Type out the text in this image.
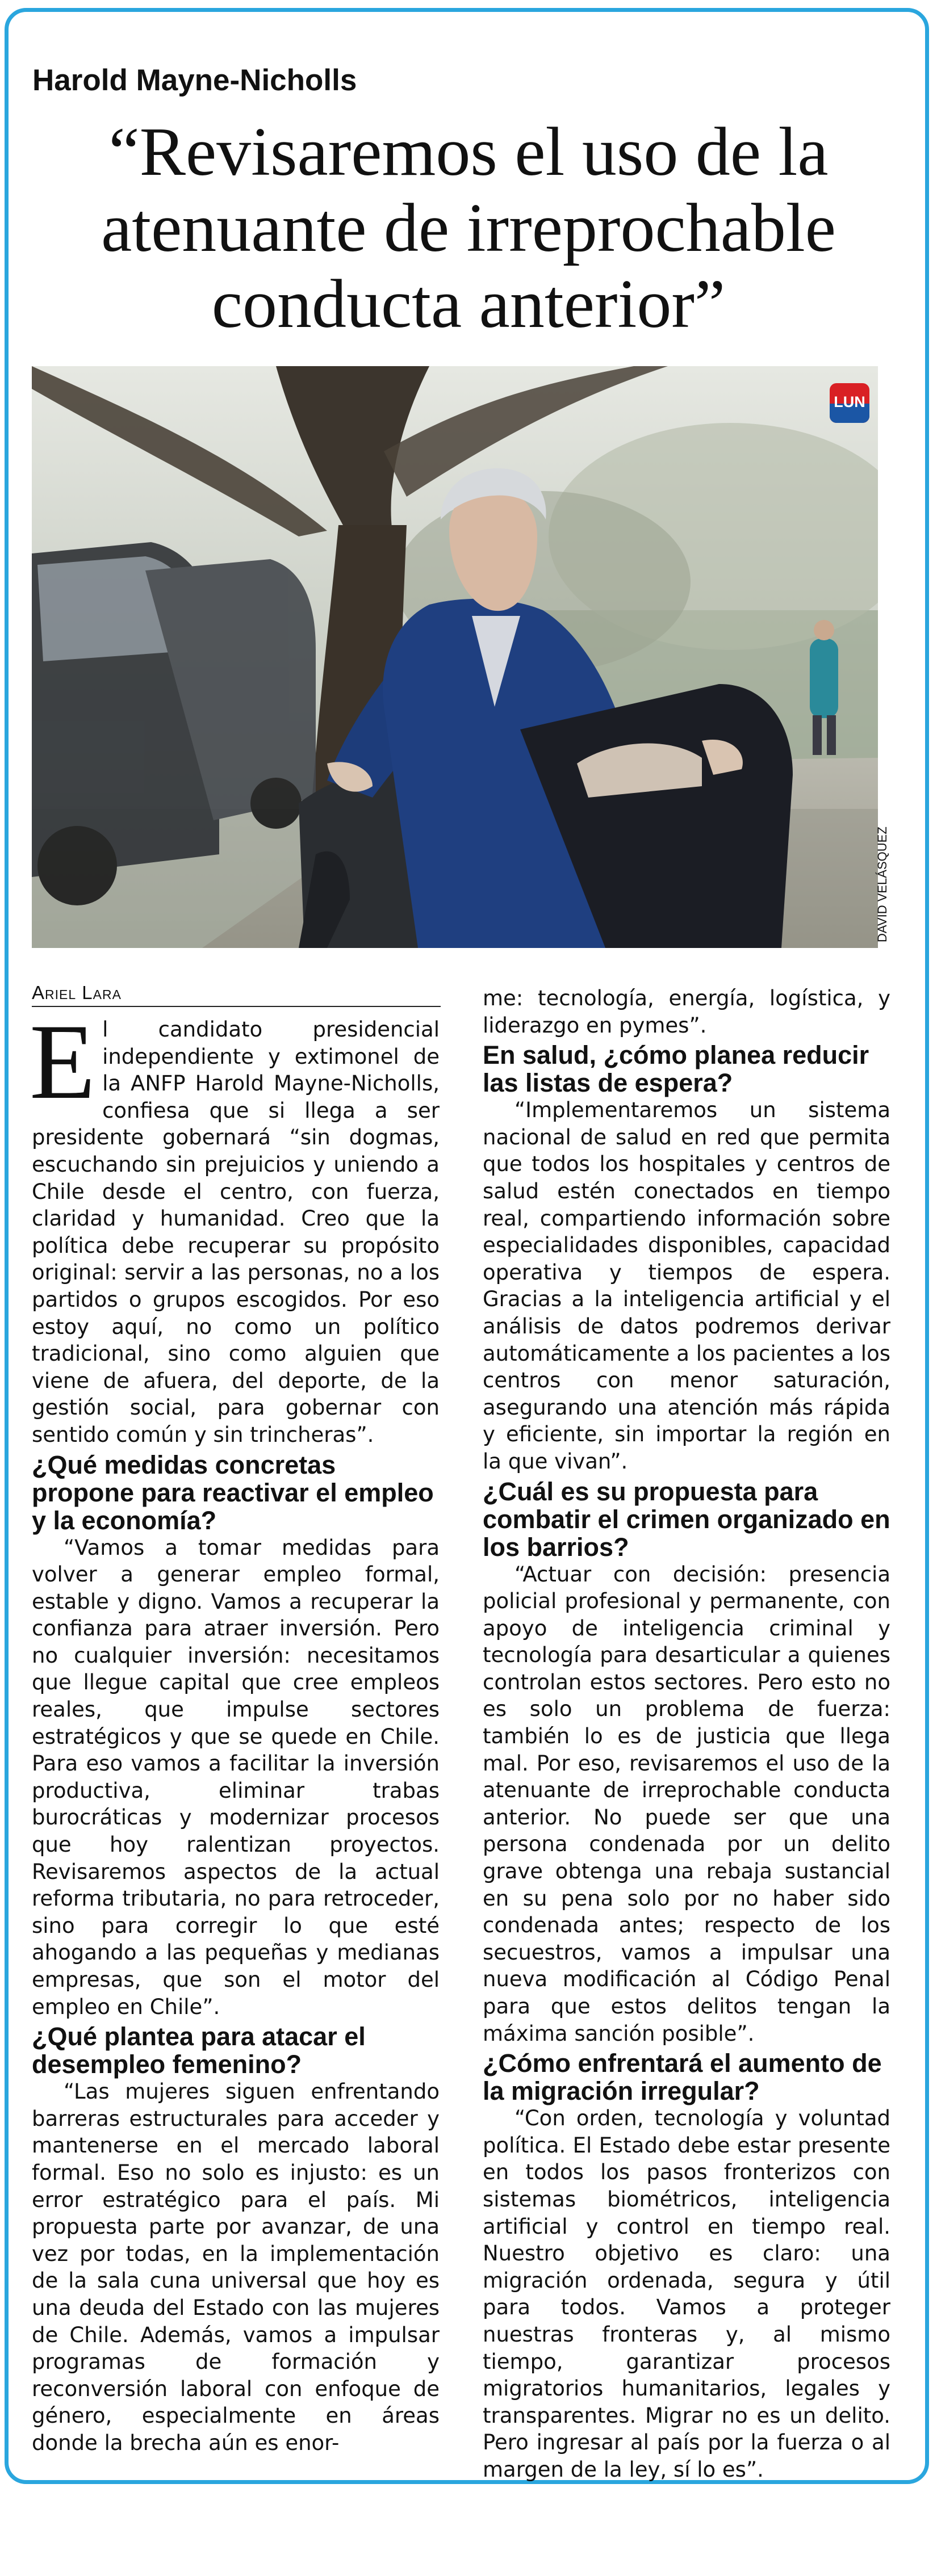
Harold Mayne-Nicholls
“Revisaremos el uso de la atenuante de irreprochable conducta anterior”
LUN
DAVID VELÁSQUEZ
Ariel Lara

El candidato presidencial independiente y extimonel de la ANFP Harold Mayne-Nicholls, confiesa que si llega a ser presidente gobernará “sin dogmas, escuchando sin prejuicios y uniendo a Chile desde el centro, con fuerza, claridad y humanidad. Creo que la política debe recuperar su propósito original: servir a las personas, no a los partidos o grupos escogidos. Por eso estoy aquí, no como un político tradicional, sino como alguien que viene de afuera, del deporte, de la gestión social, para gobernar con sentido común y sin trincheras”.

¿Qué medidas concretas propone para reactivar el empleo y la economía?

“Vamos a tomar medidas para volver a generar empleo formal, estable y digno. Vamos a recuperar la confianza para atraer inversión. Pero no cualquier inversión: necesitamos que llegue capital que cree empleos reales, que impulse sectores estratégicos y que se quede en Chile. Para eso vamos a facilitar la inversión productiva, eliminar trabas burocráticas y modernizar procesos que hoy ralentizan proyectos. Revisaremos aspectos de la actual reforma tributaria, no para retroceder, sino para corregir lo que esté ahogando a las pequeñas y medianas empresas, que son el motor del empleo en Chile”.

¿Qué plantea para atacar el desempleo femenino?

“Las mujeres siguen enfrentando barreras estructurales para acceder y mantenerse en el mercado laboral formal. Eso no solo es injusto: es un error estratégico para el país. Mi propuesta parte por avanzar, de una vez por todas, en la implementación de la sala cuna universal que hoy es una deuda del Estado con las mujeres de Chile. Además, vamos a impulsar programas de formación y reconversión laboral con enfoque de género, especialmente en áreas donde la brecha aún es enor-

me: tecnología, energía, logística, y liderazgo en pymes”.

En salud, ¿cómo planea reducir las listas de espera?

“Implementaremos un sistema nacional de salud en red que permita que todos los hospitales y centros de salud estén conectados en tiempo real, compartiendo información sobre especialidades disponibles, capacidad operativa y tiempos de espera. Gracias a la inteligencia artificial y el análisis de datos podremos derivar automáticamente a los pacientes a los centros con menor saturación, asegurando una atención más rápida y eficiente, sin importar la región en la que vivan”.

¿Cuál es su propuesta para combatir el crimen organizado en los barrios?

“Actuar con decisión: presencia policial profesional y permanente, con apoyo de inteligencia criminal y tecnología para desarticular a quienes controlan estos sectores. Pero esto no es solo un problema de fuerza: también lo es de justicia que llega mal. Por eso, revisaremos el uso de la atenuante de irreprochable conducta anterior. No puede ser que una persona condenada por un delito grave obtenga una rebaja sustancial en su pena solo por no haber sido condenada antes; respecto de los secuestros, vamos a impulsar una nueva modificación al Código Penal para que estos delitos tengan la máxima sanción posible”.

¿Cómo enfrentará el aumento de la migración irregular?

“Con orden, tecnología y voluntad política. El Estado debe estar presente en todos los pasos fronterizos con sistemas biométricos, inteligencia artificial y control en tiempo real. Nuestro objetivo es claro: una migración ordenada, segura y útil para todos. Vamos a proteger nuestras fronteras y, al mismo tiempo, garantizar procesos migratorios humanitarios, legales y transparentes. Migrar no es un delito. Pero ingresar al país por la fuerza o al margen de la ley, sí lo es”.
